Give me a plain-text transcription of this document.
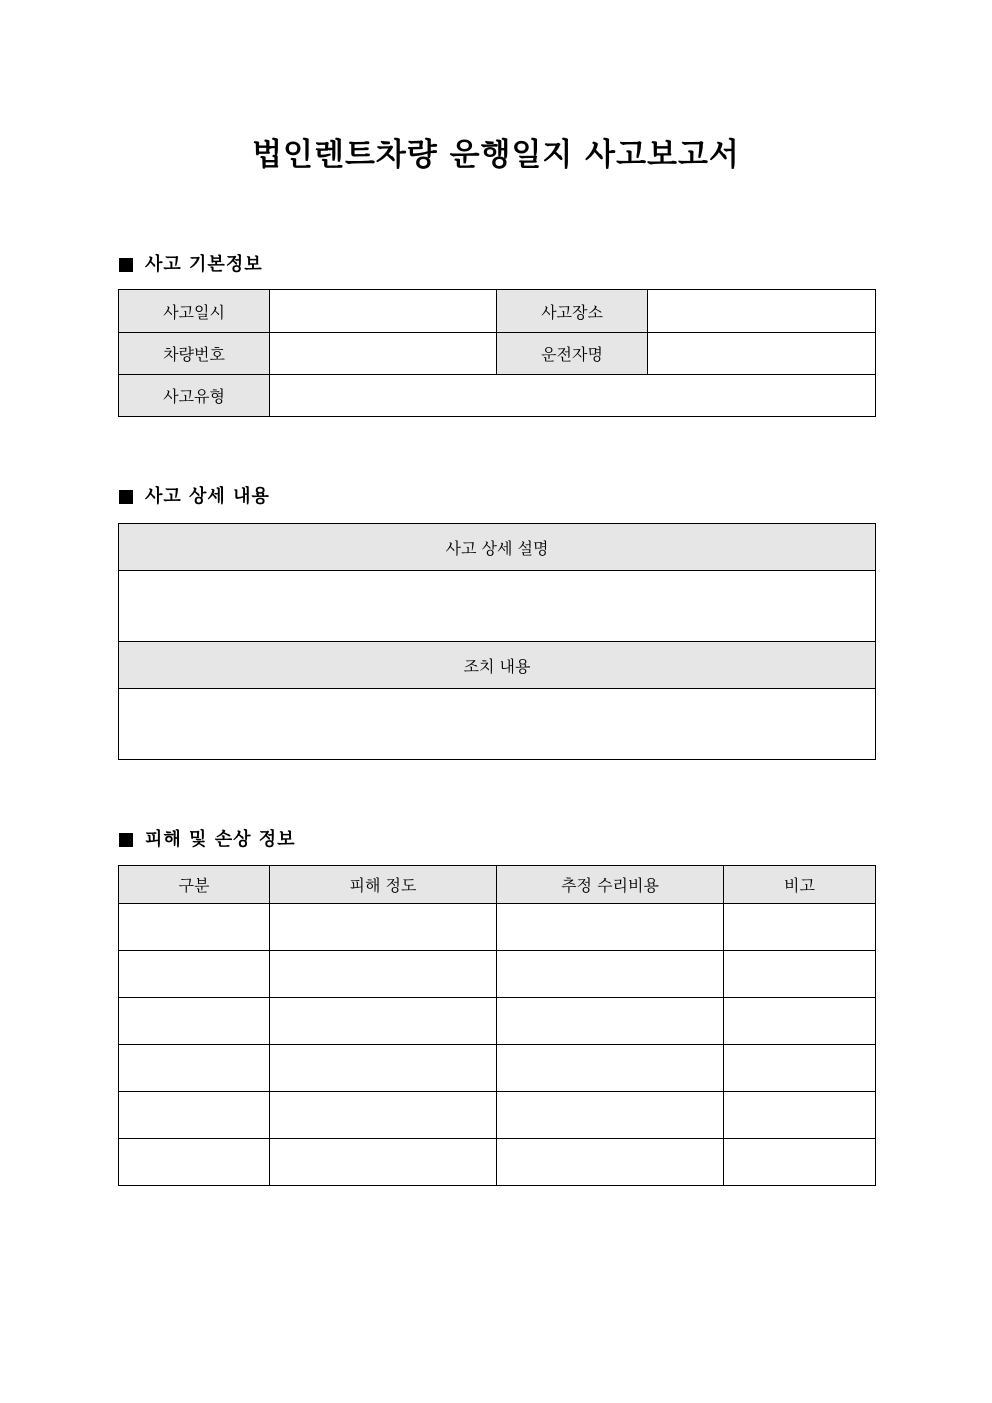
법인렌트차량 운행일지 사고보고서
사고 기본정보
사고일시		사고장소	
차량번호		운전자명	
사고유형			
사고 상세 내용
사고 상세 설명

조치 내용

피해 및 손상 정보
구분	피해 정도	추정 수리비용	비고
